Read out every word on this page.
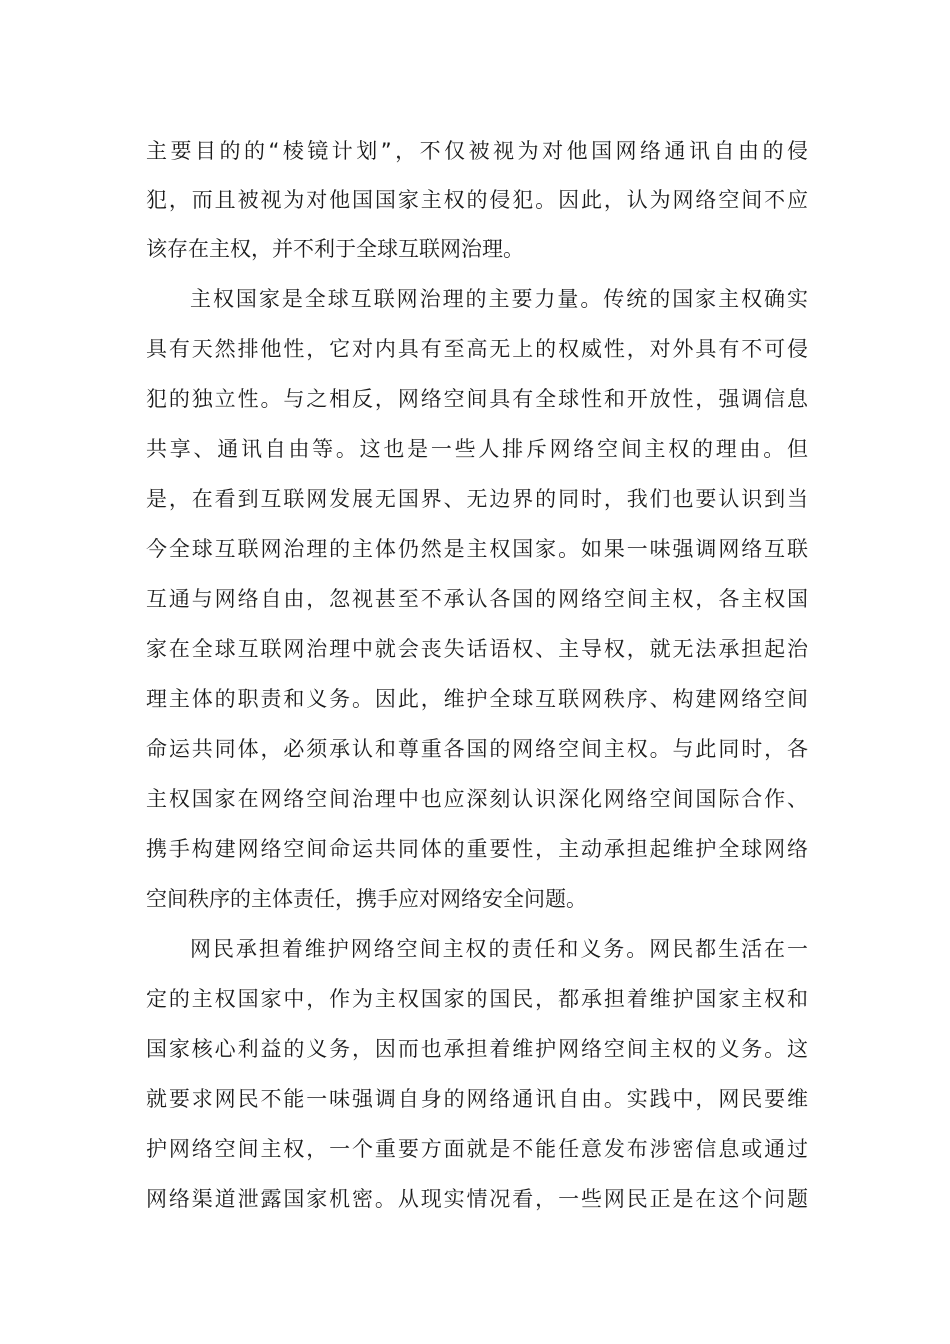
主要目的的“棱镜计划”，不仅被视为对他国网络通讯自由的侵
犯，而且被视为对他国国家主权的侵犯。因此，认为网络空间不应
该存在主权，并不利于全球互联网治理。
主权国家是全球互联网治理的主要力量。传统的国家主权确实
具有天然排他性，它对内具有至高无上的权威性，对外具有不可侵
犯的独立性。与之相反，网络空间具有全球性和开放性，强调信息
共享、通讯自由等。这也是一些人排斥网络空间主权的理由。但
是，在看到互联网发展无国界、无边界的同时，我们也要认识到当
今全球互联网治理的主体仍然是主权国家。如果一味强调网络互联
互通与网络自由，忽视甚至不承认各国的网络空间主权，各主权国
家在全球互联网治理中就会丧失话语权、主导权，就无法承担起治
理主体的职责和义务。因此，维护全球互联网秩序、构建网络空间
命运共同体，必须承认和尊重各国的网络空间主权。与此同时，各
主权国家在网络空间治理中也应深刻认识深化网络空间国际合作、
携手构建网络空间命运共同体的重要性，主动承担起维护全球网络
空间秩序的主体责任，携手应对网络安全问题。
网民承担着维护网络空间主权的责任和义务。网民都生活在一
定的主权国家中，作为主权国家的国民，都承担着维护国家主权和
国家核心利益的义务，因而也承担着维护网络空间主权的义务。这
就要求网民不能一味强调自身的网络通讯自由。实践中，网民要维
护网络空间主权，一个重要方面就是不能任意发布涉密信息或通过
网络渠道泄露国家机密。从现实情况看，一些网民正是在这个问题
